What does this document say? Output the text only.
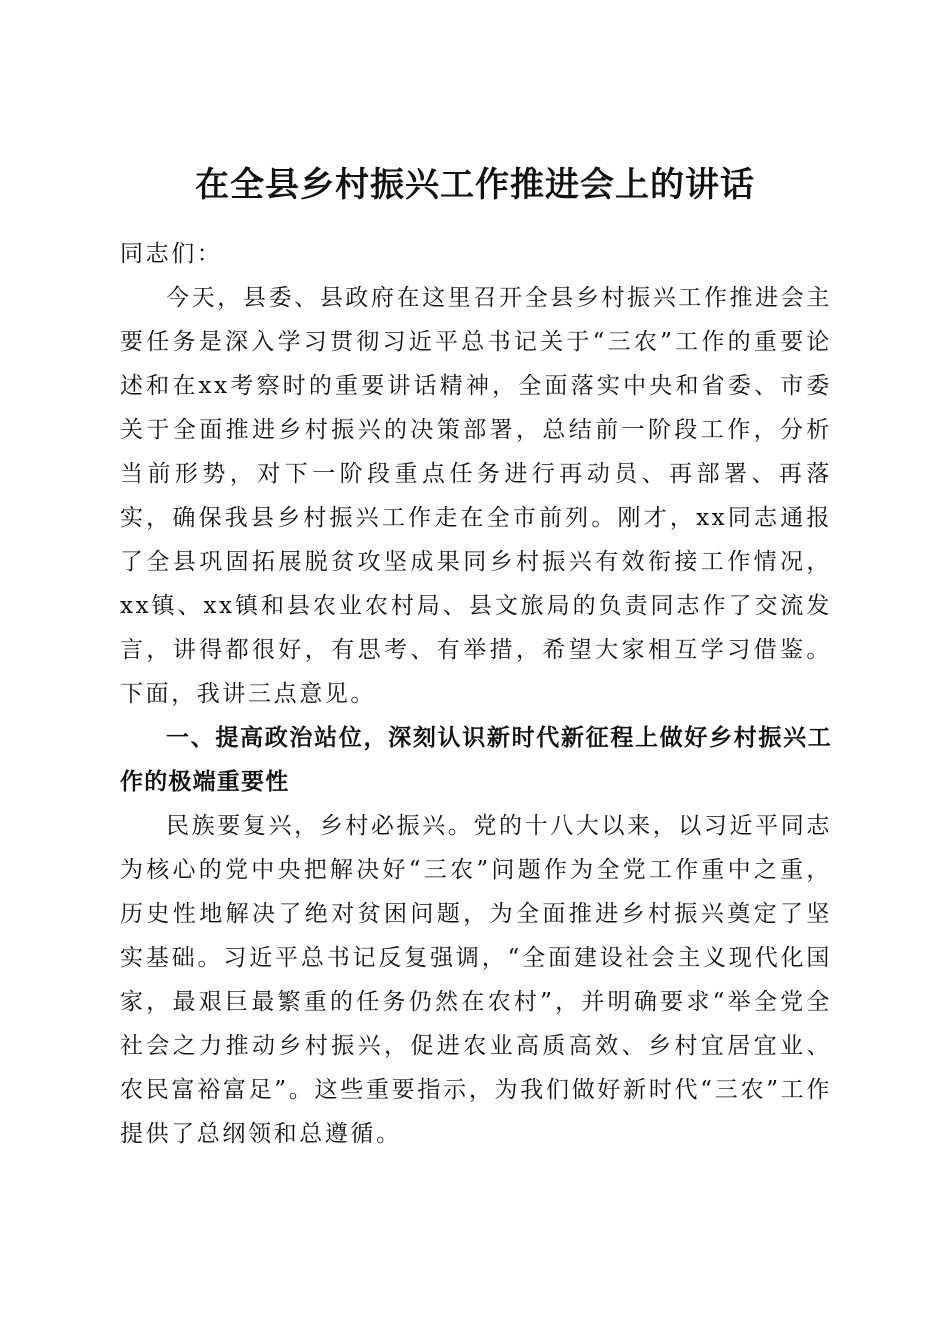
在全县乡村振兴工作推进会上的讲话

同志们：

今天，县委、县政府在这里召开全县乡村振兴工作推进会主要任务是深入学习贯彻习近平总书记关于“三农”工作的重要论述和在xx考察时的重要讲话精神，全面落实中央和省委、市委关于全面推进乡村振兴的决策部署，总结前一阶段工作，分析当前形势，对下一阶段重点任务进行再动员、再部署、再落实，确保我县乡村振兴工作走在全市前列。刚才，xx同志通报了全县巩固拓展脱贫攻坚成果同乡村振兴有效衔接工作情况，xx镇、xx镇和县农业农村局、县文旅局的负责同志作了交流发言，讲得都很好，有思考、有举措，希望大家相互学习借鉴。下面，我讲三点意见。

一、提高政治站位，深刻认识新时代新征程上做好乡村振兴工作的极端重要性

民族要复兴，乡村必振兴。党的十八大以来，以习近平同志为核心的党中央把解决好“三农”问题作为全党工作重中之重，历史性地解决了绝对贫困问题，为全面推进乡村振兴奠定了坚实基础。习近平总书记反复强调，“全面建设社会主义现代化国家，最艰巨最繁重的任务仍然在农村”，并明确要求“举全党全社会之力推动乡村振兴，促进农业高质高效、乡村宜居宜业、农民富裕富足”。这些重要指示，为我们做好新时代“三农”工作提供了总纲领和总遵循。
